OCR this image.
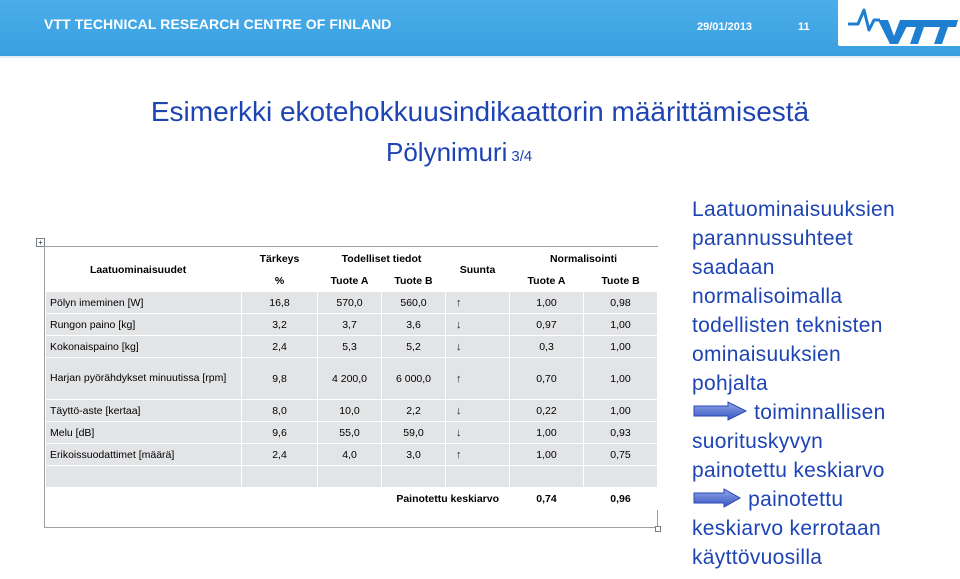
VTT TECHNICAL RESEARCH CENTRE OF FINLAND	29/01/2013	11
Esimerkki ekotehokkuusindikaattorin määrittämisestä
Pölynimuri 3/4
+
Laatuominaisuudet	Tärkeys	Todelliset tiedot		Suunta	Normalisointi	
	%	Tuote A	Tuote B		Tuote A	Tuote B
Pölyn imeminen [W]	16,8	570,0	560,0	↑	1,00	0,98
Rungon paino [kg]	3,2	3,7	3,6	↓	0,97	1,00
Kokonaispaino [kg]	2,4	5,3	5,2	↓	0,3	1,00
Harjan pyörähdykset minuutissa [rpm]	9,8	4 200,0	6 000,0	↑	0,70	1,00
Täyttö-aste [kertaa]	8,0	10,0	2,2	↓	0,22	1,00
Melu [dB]	9,6	55,0	59,0	↓	1,00	0,93
Erikoissuodattimet [määrä]	2,4	4,0	3,0	↑	1,00	0,75

		Painotettu keskiarvo			0,74	0,96
Laatuominaisuuksien
parannussuhteet
saadaan
normalisoimalla
todellisten teknisten
ominaisuuksien
pohjalta
toiminnallisen
suorituskyvyn
painotettu keskiarvo
painotettu
keskiarvo kerrotaan
käyttövuosilla
